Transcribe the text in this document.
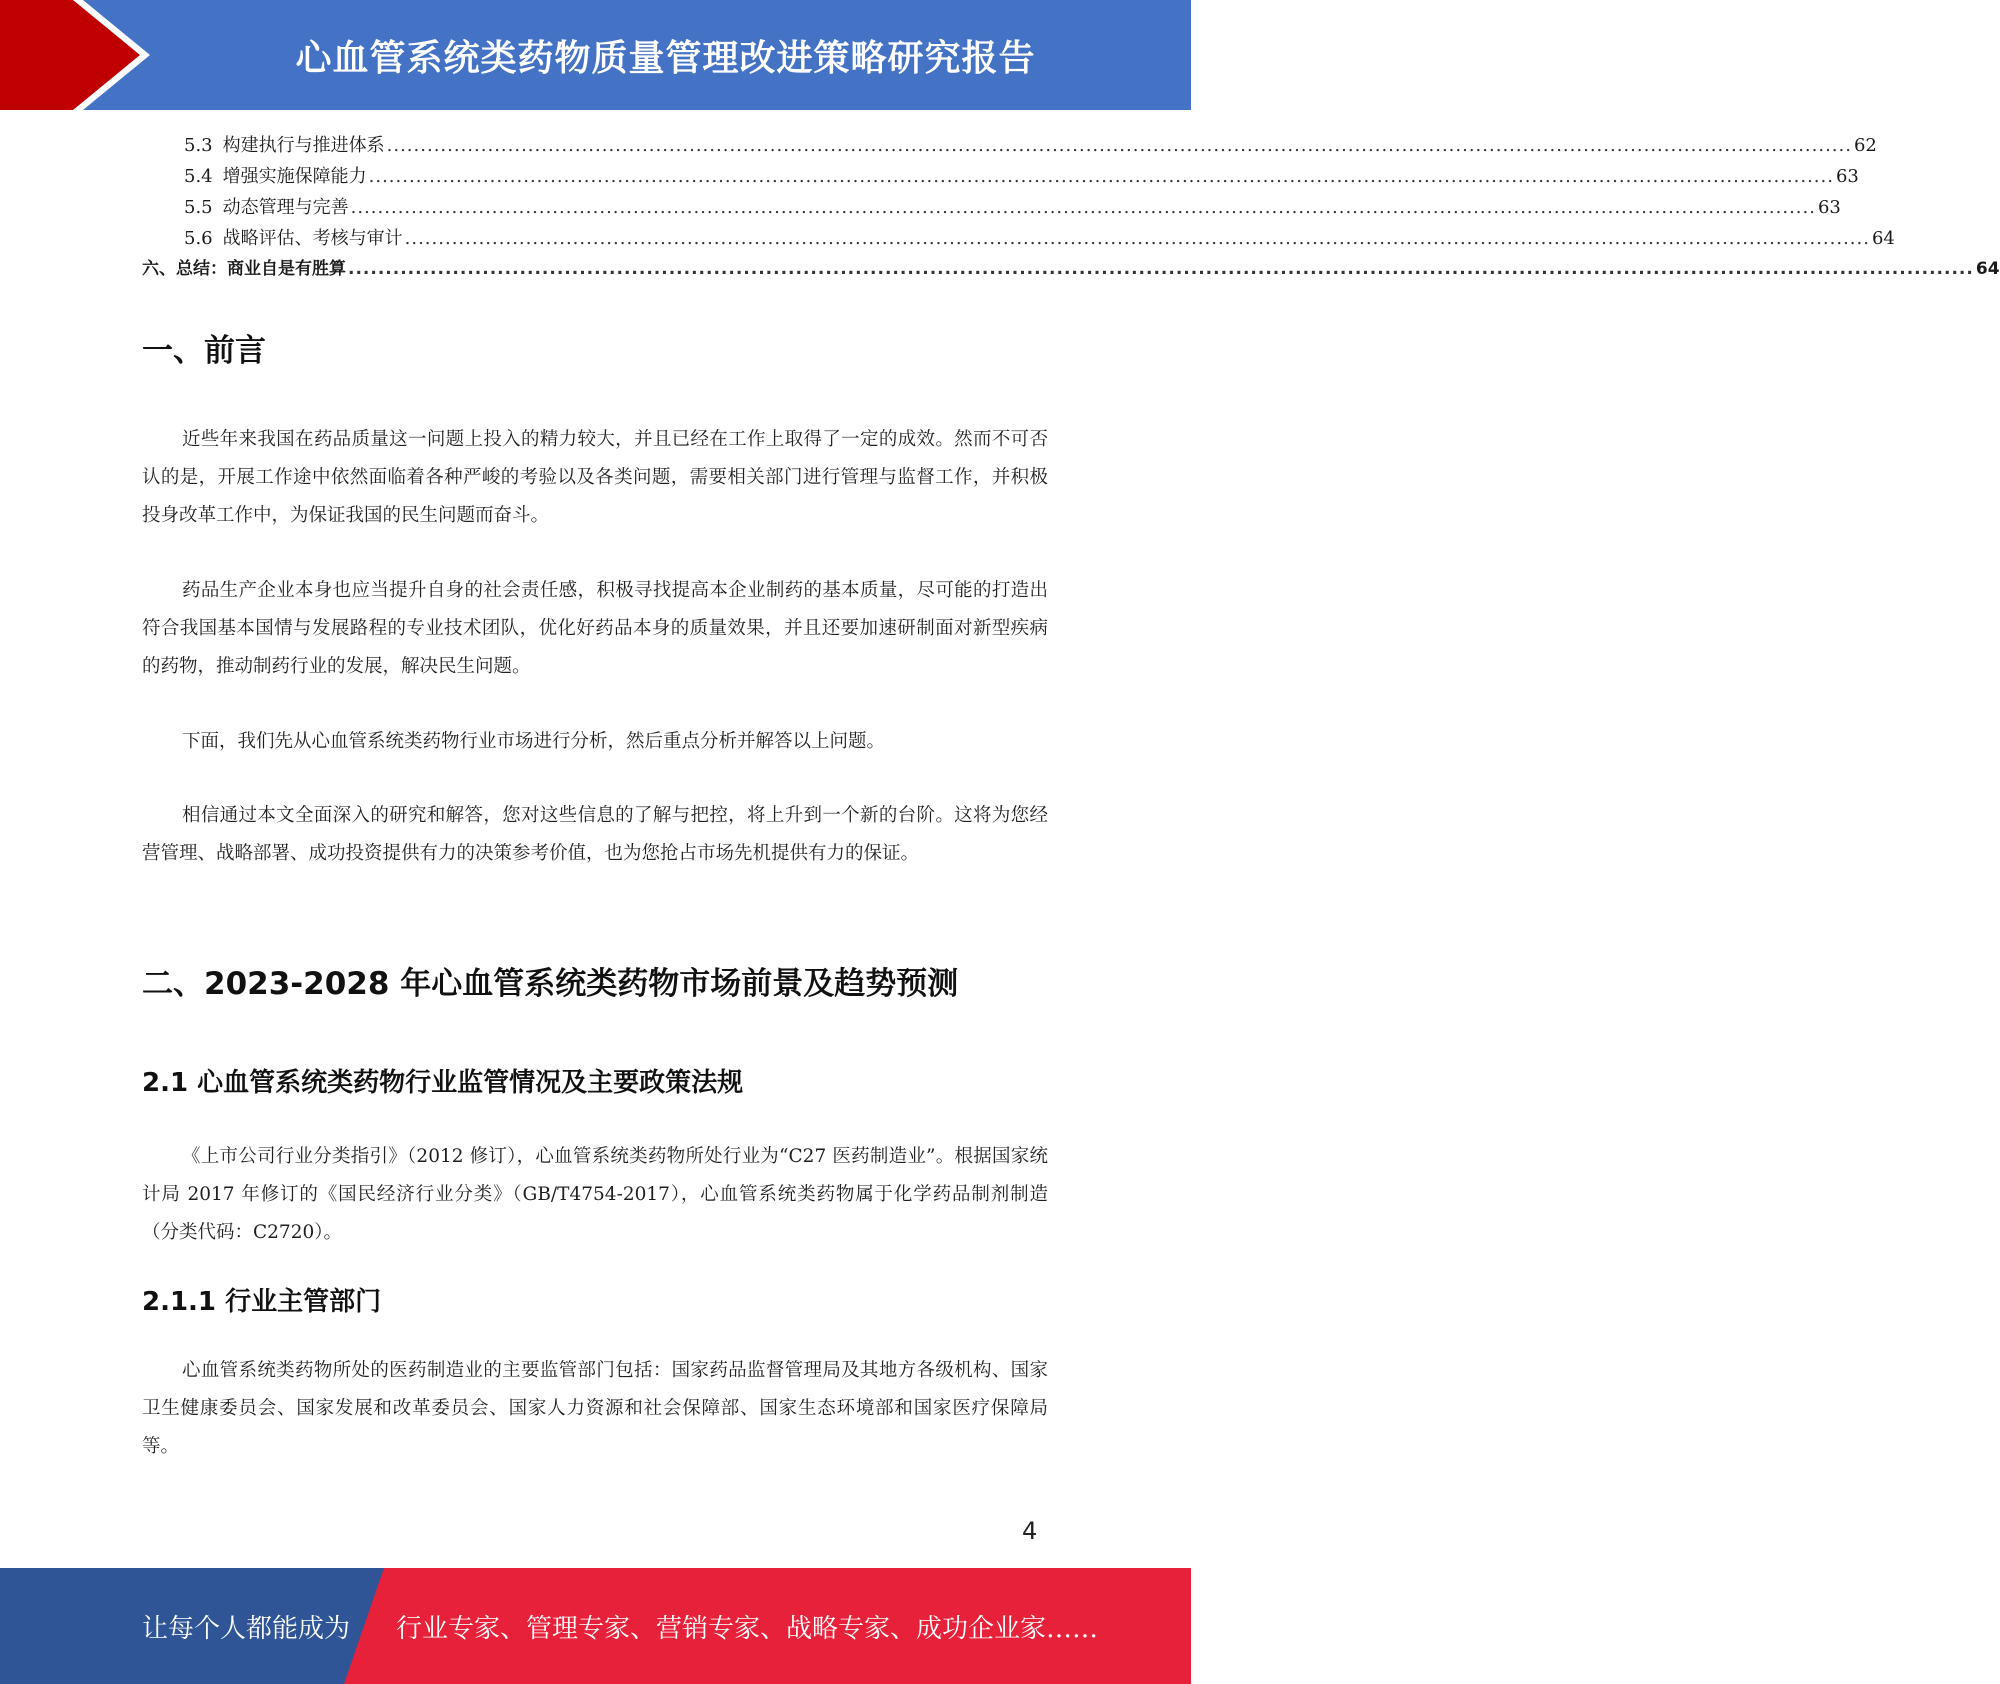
心血管系统类药物质量管理改进策略研究报告
5.3 构建执行与推进体系 .......................................................................................................................................................................................................................... 62
5.4 增强实施保障能力 .......................................................................................................................................................................................................................... 63
5.5 动态管理与完善 .......................................................................................................................................................................................................................... 63
5.6 战略评估、考核与审计 .......................................................................................................................................................................................................................... 64
六、总结：商业自是有胜算 .......................................................................................................................................................................................................................... 64
一、前言

近些年来我国在药品质量这一问题上投入的精力较大，并且已经在工作上取得了一定的成效。然而不可否认的是，开展工作途中依然面临着各种严峻的考验以及各类问题，需要相关部门进行管理与监督工作，并积极投身改革工作中，为保证我国的民生问题而奋斗。

药品生产企业本身也应当提升自身的社会责任感，积极寻找提高本企业制药的基本质量，尽可能的打造出符合我国基本国情与发展路程的专业技术团队，优化好药品本身的质量效果，并且还要加速研制面对新型疾病的药物，推动制药行业的发展，解决民生问题。

下面，我们先从心血管系统类药物行业市场进行分析，然后重点分析并解答以上问题。

相信通过本文全面深入的研究和解答，您对这些信息的了解与把控，将上升到一个新的台阶。这将为您经营管理、战略部署、成功投资提供有力的决策参考价值，也为您抢占市场先机提供有力的保证。

二、2023-2028 年心血管系统类药物市场前景及趋势预测
2.1 心血管系统类药物行业监管情况及主要政策法规

《上市公司行业分类指引》（2012 修订），心血管系统类药物所处行业为“C27 医药制造业”。根据国家统计局 2017 年修订的《国民经济行业分类》（GB/T4754-2017），心血管系统类药物属于化学药品制剂制造（分类代码：C2720）。

2.1.1 行业主管部门

心血管系统类药物所处的医药制造业的主要监管部门包括：国家药品监督管理局及其地方各级机构、国家卫生健康委员会、国家发展和改革委员会、国家人力资源和社会保障部、国家生态环境部和国家医疗保障局等。

4
让每个人都能成为 行业专家、管理专家、营销专家、战略专家、成功企业家……
